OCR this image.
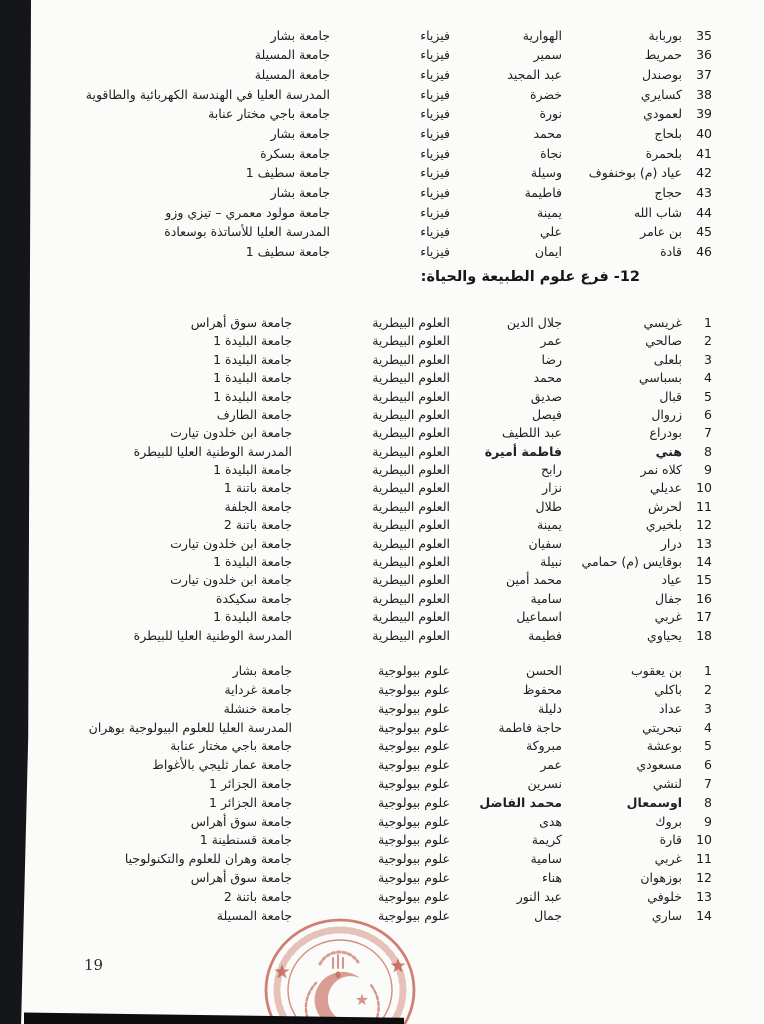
35	بوربابة	الهوارية	فيزياء	جامعة بشار
36	حمريط	سمير	فيزياء	جامعة المسيلة
37	بوصندل	عبد المجيد	فيزياء	جامعة المسيلة
38	كسايري	خضرة	فيزياء	المدرسة العليا في الهندسة الكهربائية والطاقوية
39	لعمودي	نورة	فيزياء	جامعة باجي مختار عنابة
40	بلحاج	محمد	فيزياء	جامعة بشار
41	بلحمرة	نجاة	فيزياء	جامعة بسكرة
42	عياد (م) بوخنفوف	وسيلة	فيزياء	جامعة سطيف 1
43	حجاج	فاطيمة	فيزياء	جامعة بشار
44	شاب الله	يمينة	فيزياء	جامعة مولود معمري – تيزي وزو
45	بن عامر	علي	فيزياء	المدرسة العليا للأساتذة بوسعادة
46	قادة	ايمان	فيزياء	جامعة سطيف 1
12- فرع علوم الطبيعة والحياة:
1	غريسي	جلال الدين	العلوم البيطرية	جامعة سوق أهراس
2	صالحي	عمر	العلوم البيطرية	جامعة البليدة 1
3	بلعلى	رضا	العلوم البيطرية	جامعة البليدة 1
4	بسباسي	محمد	العلوم البيطرية	جامعة البليدة 1
5	قبال	صديق	العلوم البيطرية	جامعة البليدة 1
6	زروال	فيصل	العلوم البيطرية	جامعة الطارف
7	بودراع	عبد اللطيف	العلوم البيطرية	جامعة ابن خلدون تيارت
8	هني	فاطمة أميرة	العلوم البيطرية	المدرسة الوطنية العليا للبيطرة
9	كلاه نمر	رابح	العلوم البيطرية	جامعة البليدة 1
10	عديلي	نزار	العلوم البيطرية	جامعة باتنة 1
11	لحرش	طلال	العلوم البيطرية	جامعة الجلفة
12	بلخيري	يمينة	العلوم البيطرية	جامعة باتنة 2
13	درار	سفيان	العلوم البيطرية	جامعة ابن خلدون تيارت
14	بوقايس (م) حمامي	نبيلة	العلوم البيطرية	جامعة البليدة 1
15	عياد	محمد أمين	العلوم البيطرية	جامعة ابن خلدون تيارت
16	جفال	سامية	العلوم البيطرية	جامعة سكيكدة
17	غربي	اسماعيل	العلوم البيطرية	جامعة البليدة 1
18	يحياوي	فطيمة	العلوم البيطرية	المدرسة الوطنية العليا للبيطرة
1	بن يعقوب	الحسن	علوم بيولوجية	جامعة بشار
2	باكلي	محفوظ	علوم بيولوجية	جامعة غرداية
3	عداد	دليلة	علوم بيولوجية	جامعة خنشلة
4	تبحريتي	حاجة فاطمة	علوم بيولوجية	المدرسة العليا للعلوم البيولوجية بوهران
5	بوعشة	مبروكة	علوم بيولوجية	جامعة باجي مختار عنابة
6	مسعودي	عمر	علوم بيولوجية	جامعة عمار ثليجي بالأغواط
7	لنشي	نسرين	علوم بيولوجية	جامعة الجزائر 1
8	اوسمعال	محمد الفاضل	علوم بيولوجية	جامعة الجزائر 1
9	بروك	هدى	علوم بيولوجية	جامعة سوق أهراس
10	قارة	كريمة	علوم بيولوجية	جامعة قسنطينة 1
11	غربي	سامية	علوم بيولوجية	جامعة وهران للعلوم والتكنولوجيا
12	بوزهوان	هناء	علوم بيولوجية	جامعة سوق أهراس
13	خلوفي	عبد النور	علوم بيولوجية	جامعة باتنة 2
14	ساري	جمال	علوم بيولوجية	جامعة المسيلة
19
